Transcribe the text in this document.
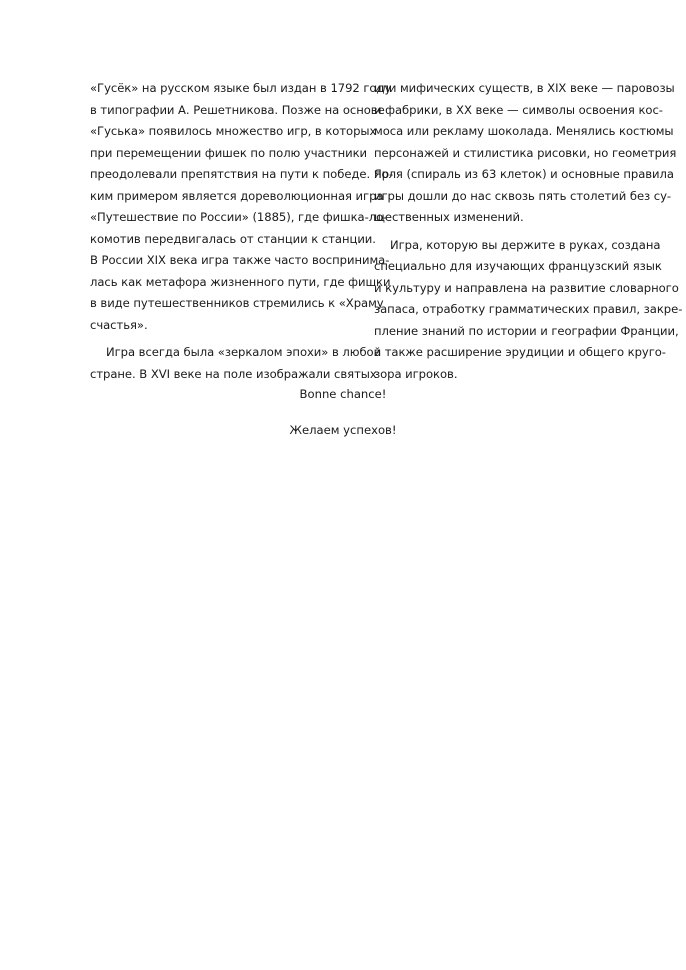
«Гусёк» на русском языке был издан в 1792 году
в типографии А. Решетникова. Позже на основе
«Гуська» появилось множество игр, в которых
при перемещении фишек по полю участники
преодолевали препятствия на пути к победе. Яр-
ким примером является дореволюционная игра
«Путешествие по России» (1885), где фишка-ло-
комотив передвигалась от станции к станции.
В России XIX века игра также часто воспринима-
лась как метафора жизненного пути, где фишки
в виде путешественников стремились к «Храму
счастья».
Игра всегда была «зеркалом эпохи» в любой
стране. В XVI веке на поле изображали святых
или мифических существ, в XIX веке — паровозы
и фабрики, в XX веке — символы освоения кос-
моса или рекламу шоколада. Менялись костюмы
персонажей и стилистика рисовки, но геометрия
поля (спираль из 63 клеток) и основные правила
игры дошли до нас сквозь пять столетий без су-
щественных изменений.
Игра, которую вы держите в руках, создана
специально для изучающих французский язык
и культуру и направлена на развитие словарного
запаса, отработку грамматических правил, закре-
пление знаний по истории и географии Франции,
а также расширение эрудиции и общего круго-
зора игроков.
Bonne chance!
Желаем успехов!
